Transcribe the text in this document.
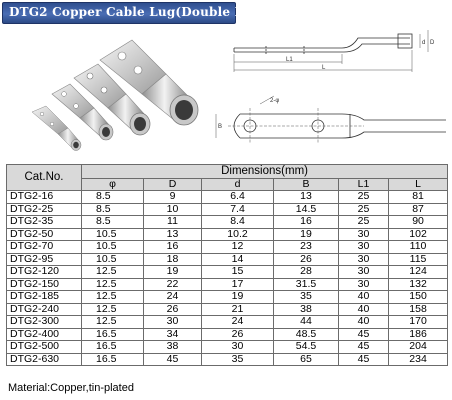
DTG2 Copper Cable Lug(Double Holes)
L1
L
d D
2-φ
B
Cat.No.	Dimensions(mm)					
	φ	D	d	B	L1	L
DTG2-16	8.5	9	6.4	13	25	81
DTG2-25	8.5	10	7.4	14.5	25	87
DTG2-35	8.5	11	8.4	16	25	90
DTG2-50	10.5	13	10.2	19	30	102
DTG2-70	10.5	16	12	23	30	110
DTG2-95	10.5	18	14	26	30	115
DTG2-120	12.5	19	15	28	30	124
DTG2-150	12.5	22	17	31.5	30	132
DTG2-185	12.5	24	19	35	40	150
DTG2-240	12.5	26	21	38	40	158
DTG2-300	12.5	30	24	44	40	170
DTG2-400	16.5	34	26	48.5	45	186
DTG2-500	16.5	38	30	54.5	45	204
DTG2-630	16.5	45	35	65	45	234
Material:Copper,tin-plated
